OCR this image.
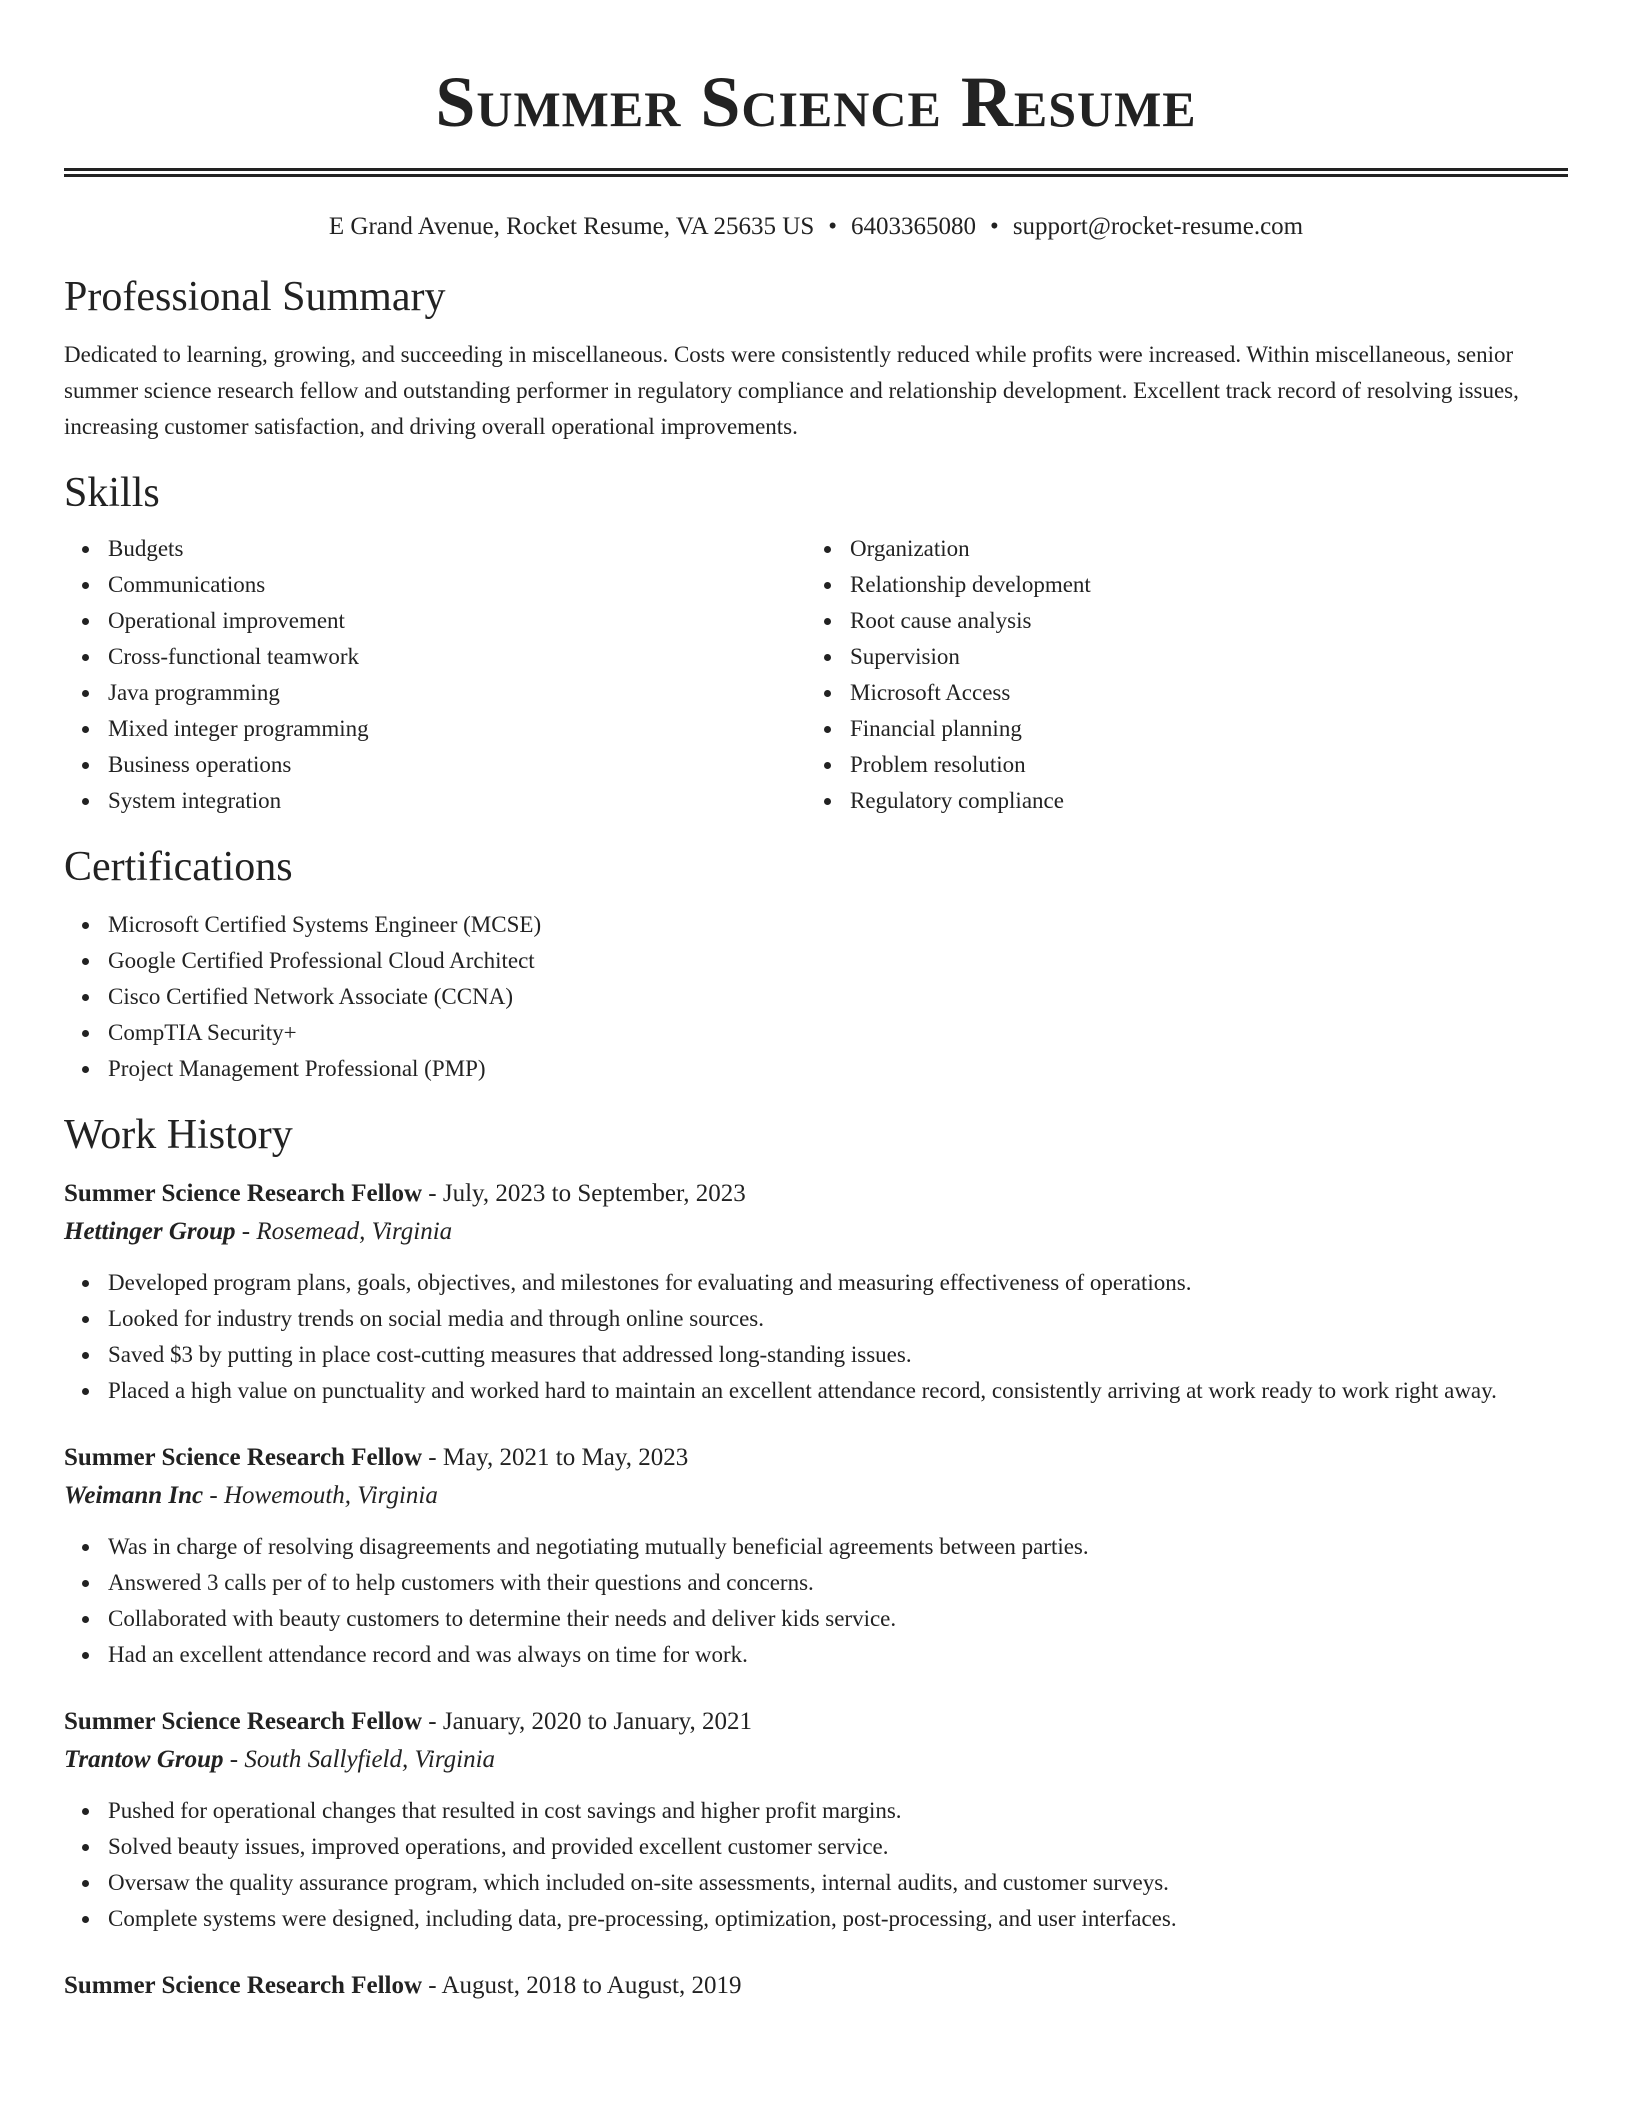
Summer Science Resume
E Grand Avenue, Rocket Resume, VA 25635 US • 6403365080 • support@rocket-resume.com
Professional Summary
Dedicated to learning, growing, and succeeding in miscellaneous. Costs were consistently reduced while profits were increased. Within miscellaneous, senior summer science research fellow and outstanding performer in regulatory compliance and relationship development. Excellent track record of resolving issues, increasing customer satisfaction, and driving overall operational improvements.
Skills
Budgets
Communications
Operational improvement
Cross-functional teamwork
Java programming
Mixed integer programming
Business operations
System integration
Organization
Relationship development
Root cause analysis
Supervision
Microsoft Access
Financial planning
Problem resolution
Regulatory compliance
Certifications
Microsoft Certified Systems Engineer (MCSE)
Google Certified Professional Cloud Architect
Cisco Certified Network Associate (CCNA)
CompTIA Security+
Project Management Professional (PMP)
Work History
Summer Science Research Fellow - July, 2023 to September, 2023
Hettinger Group - Rosemead, Virginia
Developed program plans, goals, objectives, and milestones for evaluating and measuring effectiveness of operations.
Looked for industry trends on social media and through online sources.
Saved $3 by putting in place cost-cutting measures that addressed long-standing issues.
Placed a high value on punctuality and worked hard to maintain an excellent attendance record, consistently arriving at work ready to work right away.
Summer Science Research Fellow - May, 2021 to May, 2023
Weimann Inc - Howemouth, Virginia
Was in charge of resolving disagreements and negotiating mutually beneficial agreements between parties.
Answered 3 calls per of to help customers with their questions and concerns.
Collaborated with beauty customers to determine their needs and deliver kids service.
Had an excellent attendance record and was always on time for work.
Summer Science Research Fellow - January, 2020 to January, 2021
Trantow Group - South Sallyfield, Virginia
Pushed for operational changes that resulted in cost savings and higher profit margins.
Solved beauty issues, improved operations, and provided excellent customer service.
Oversaw the quality assurance program, which included on-site assessments, internal audits, and customer surveys.
Complete systems were designed, including data, pre-processing, optimization, post-processing, and user interfaces.
Summer Science Research Fellow - August, 2018 to August, 2019
